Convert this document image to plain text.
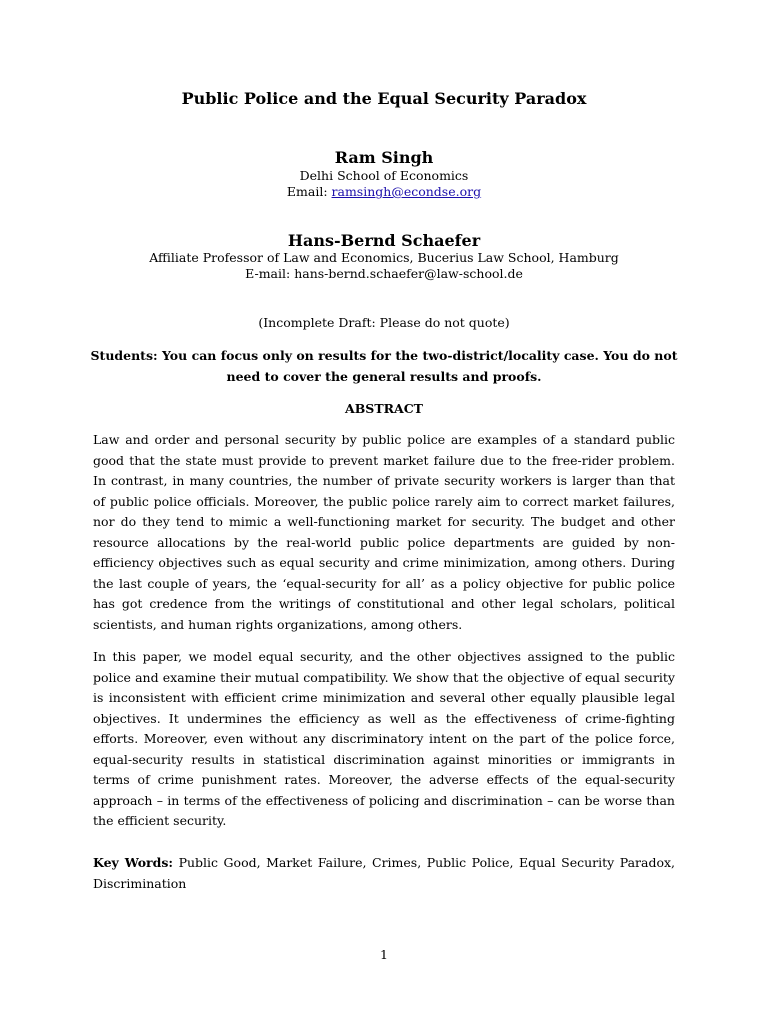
Public Police and the Equal Security Paradox
Ram Singh
Delhi School of Economics
Email: ramsingh@econdse.org
Hans-Bernd Schaefer
Affiliate Professor of Law and Economics, Bucerius Law School, Hamburg
E-mail: hans-bernd.schaefer@law-school.de
(Incomplete Draft: Please do not quote)
Students: You can focus only on results for the two-district/locality case. You do not need to cover the general results and proofs.
ABSTRACT
Law and order and personal security by public police are examples of a standard public good that the state must provide to prevent market failure due to the free-rider problem. In contrast, in many countries, the number of private security workers is larger than that of public police officials. Moreover, the public police rarely aim to correct market failures, nor do they tend to mimic a well-functioning market for security. The budget and other resource allocations by the real-world public police departments are guided by non-efficiency objectives such as equal security and crime minimization, among others. During the last couple of years, the ‘equal-security for all’ as a policy objective for public police has got credence from the writings of constitutional and other legal scholars, political scientists, and human rights organizations, among others.
In this paper, we model equal security, and the other objectives assigned to the public police and examine their mutual compatibility. We show that the objective of equal security is inconsistent with efficient crime minimization and several other equally plausible legal objectives. It undermines the efficiency as well as the effectiveness of crime-fighting efforts. Moreover, even without any discriminatory intent on the part of the police force, equal-security results in statistical discrimination against minorities or immigrants in terms of crime punishment rates. Moreover, the adverse effects of the equal-security approach – in terms of the effectiveness of policing and discrimination – can be worse than the efficient security.
Key Words: Public Good, Market Failure, Crimes, Public Police, Equal Security Paradox, Discrimination
1
